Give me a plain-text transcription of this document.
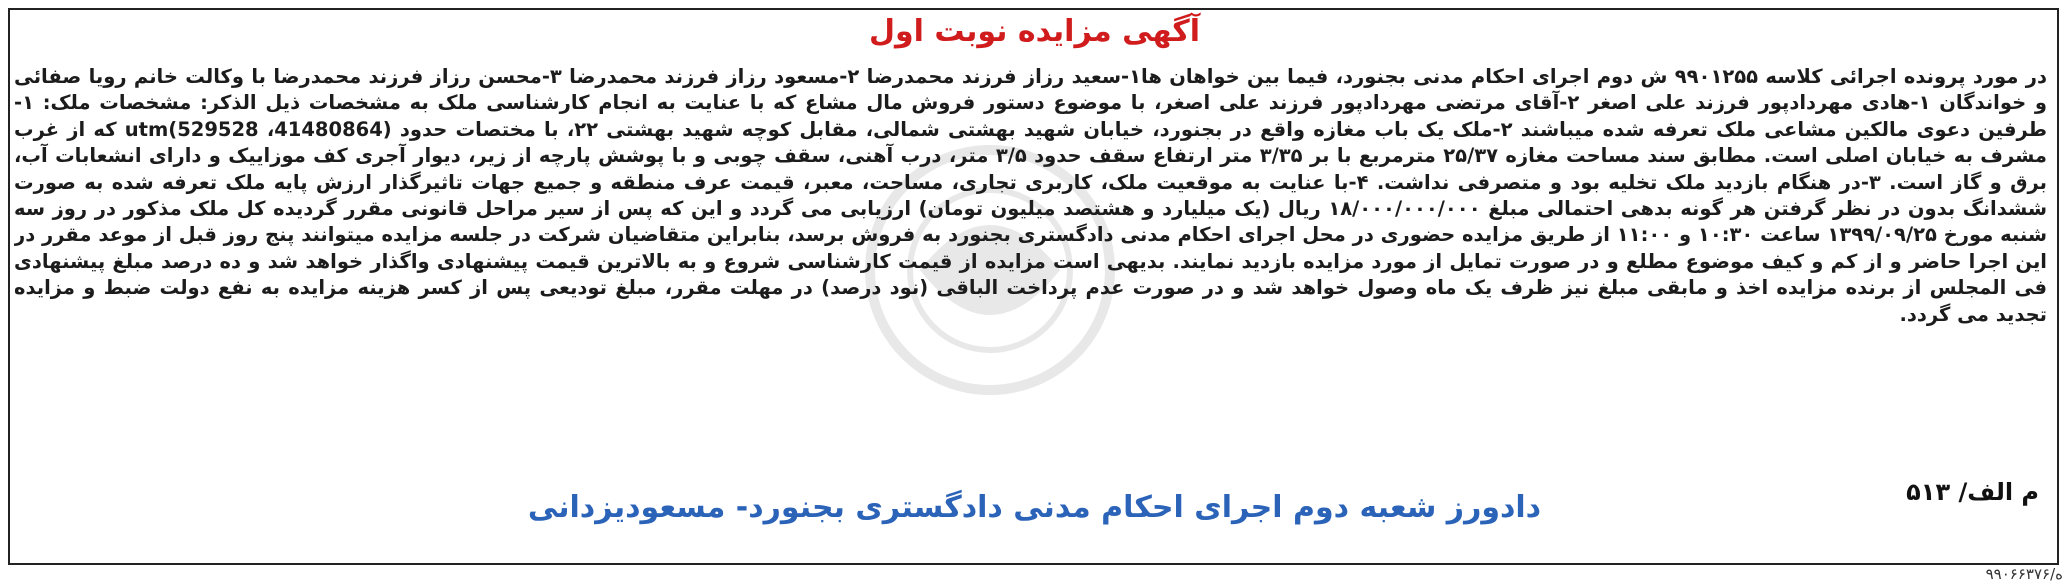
آگهی مزایده نوبت اول
در مورد پرونده اجرائی کلاسه ۹۹۰۱۲۵۵ ش دوم اجرای احکام مدنی بجنورد، فیما بین خواهان ها۱-سعید رزاز فرزند محمدرضا ۲-مسعود رزاز فرزند محمدرضا ۳-محسن رزاز فرزند محمدرضا با وکالت خانم رویا صفائی و خواندگان ۱-هادی مهردادپور فرزند علی اصغر ۲-آقای مرتضی مهردادپور فرزند علی اصغر، با موضوع دستور فروش مال مشاع که با عنایت به انجام کارشناسی ملک به مشخصات ذیل الذکر: مشخصات ملک: ۱-طرفین دعوی مالکین مشاعی ملک تعرفه شده میباشند ۲-ملک یک باب مغازه واقع در بجنورد، خیابان شهید بهشتی شمالی، مقابل کوچه شهید بهشتی ۲۲، با مختصات حدود utm(529528 ،41480864) که از غرب مشرف به خیابان اصلی است. مطابق سند مساحت مغازه ۲۵/۳۷ مترمربع با بر ۳/۳۵ متر ارتفاع سقف حدود ۳/۵ متر، درب آهنی، سقف چوبی و با پوشش پارچه از زیر، دیوار آجری کف موزاییک و دارای انشعابات آب، برق و گاز است. ۳-در هنگام بازدید ملک تخلیه بود و متصرفی نداشت. ۴-با عنایت به موقعیت ملک، کاربری تجاری، مساحت، معبر، قیمت عرف منطقه و جمیع جهات تاثیرگذار ارزش پایه ملک تعرفه شده به صورت ششدانگ بدون در نظر گرفتن هر گونه بدهی احتمالی مبلغ ۱۸/۰۰۰/۰۰۰/۰۰۰ ریال (یک میلیارد و هشتصد میلیون تومان) ارزیابی می گردد و این که پس از سیر مراحل قانونی مقرر گردیده کل ملک مذکور در روز سه شنبه مورخ ۱۳۹۹/۰۹/۲۵ ساعت ۱۰:۳۰ و ۱۱:۰۰ از طریق مزایده حضوری در محل اجرای احکام مدنی دادگستری بجنورد به فروش برسد، بنابراین متقاضیان شرکت در جلسه مزایده میتوانند پنج روز قبل از موعد مقرر در این اجرا حاضر و از کم و کیف موضوع مطلع و در صورت تمایل از مورد مزایده بازدید نمایند. بدیهی است مزایده از قیمت کارشناسی شروع و به بالاترین قیمت پیشنهادی واگذار خواهد شد و ده درصد مبلغ پیشنهادی فی المجلس از برنده مزایده اخذ و مابقی مبلغ نیز ظرف یک ماه وصول خواهد شد و در صورت عدم پرداخت الباقی (نود درصد) در مهلت مقرر، مبلغ تودیعی پس از کسر هزینه مزایده به نفع دولت ضبط و مزایده تجدید می گردد.
م الف/ ۵۱۳
دادورز شعبه دوم اجرای احکام مدنی دادگستری بجنورد- مسعودیزدانی
۹۹۰۶۶۳۷۶/ه
